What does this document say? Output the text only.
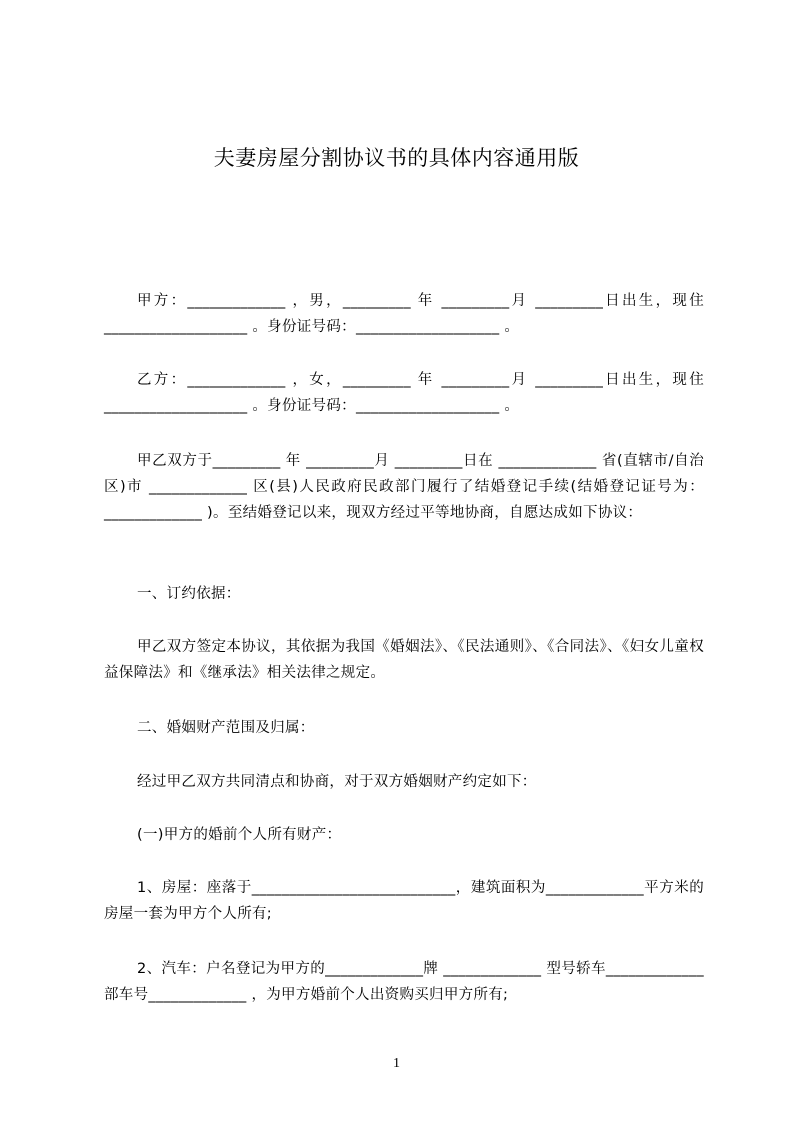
夫妻房屋分割协议书的具体内容通用版
甲方：_____________ ，男，_________ 年 _________月 _________日出生，现住___________________ 。身份证号码：___________________ 。
乙方：_____________ ，女，_________ 年 _________月 _________日出生，现住___________________ 。身份证号码：___________________ 。
甲乙双方于_________ 年 _________月 _________日在 _____________ 省(直辖市/自治区)市 _____________ 区(县)人民政府民政部门履行了结婚登记手续(结婚登记证号为： _____________ )。至结婚登记以来，现双方经过平等地协商，自愿达成如下协议：
一、订约依据：
甲乙双方签定本协议，其依据为我国《婚姻法》、《民法通则》、《合同法》、《妇女儿童权益保障法》和《继承法》相关法律之规定。
二、婚姻财产范围及归属：
经过甲乙双方共同清点和协商，对于双方婚姻财产约定如下：
(一)甲方的婚前个人所有财产：
1、房屋：座落于___________________________，建筑面积为_____________平方米的房屋一套为甲方个人所有;
2、汽车：户名登记为甲方的_____________牌 _____________ 型号轿车_____________ 部车号_____________ ，为甲方婚前个人出资购买归甲方所有;
1
